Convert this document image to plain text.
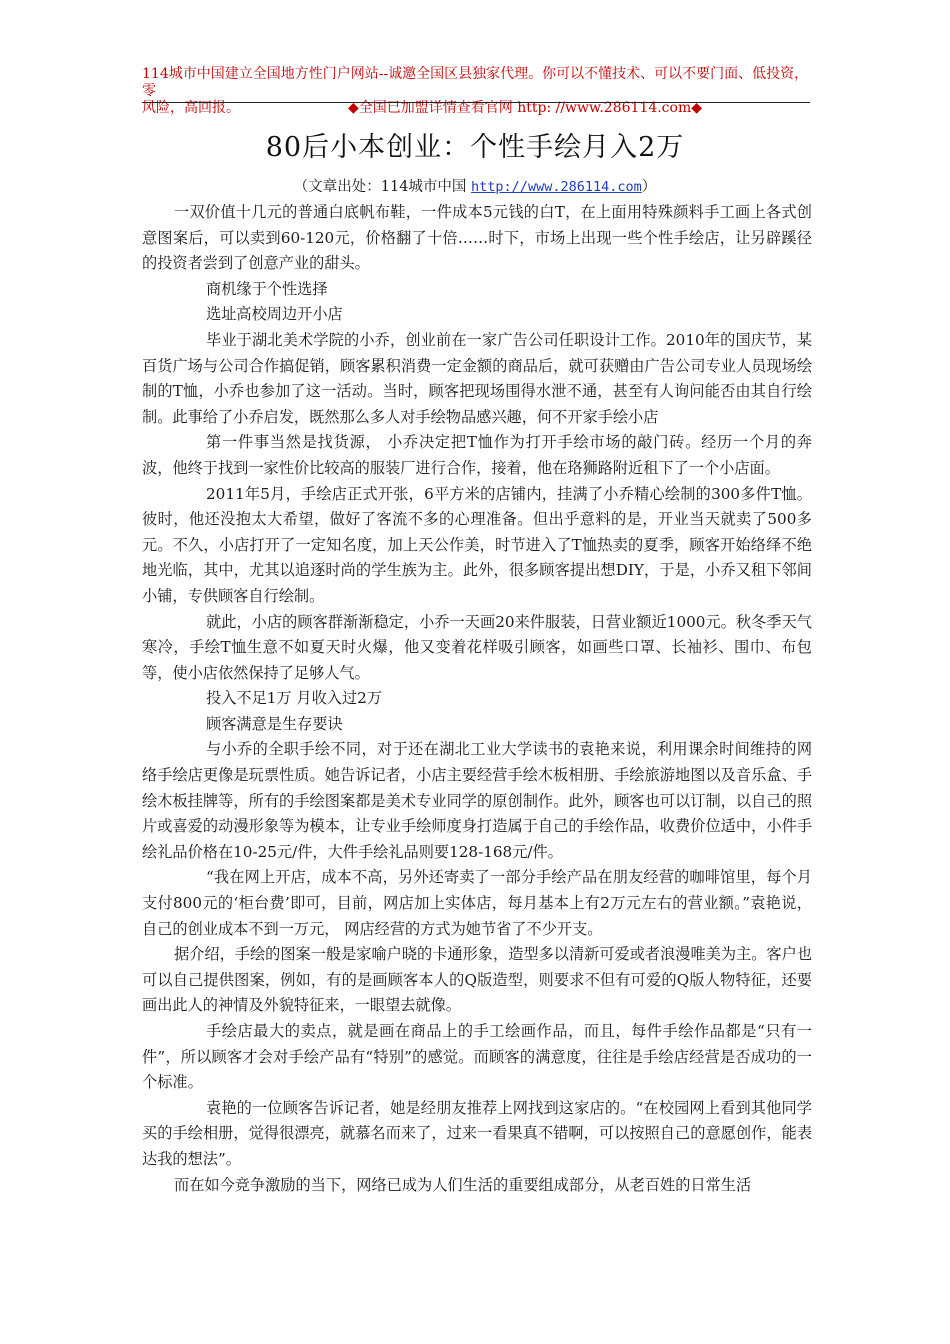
114城市中国建立全国地方性门户网站--诚邀全国区县独家代理。你可以不懂技术、可以不要门面、低投资，零
风险，高回报。	◆全国已加盟详情查看官网 http: //www.286114.com◆
80后小本创业：个性手绘月入2万
（文章出处：114城市中国 http://www.286114.com）

一双价值十几元的普通白底帆布鞋，一件成本5元钱的白T，在上面用特殊颜料手工画上各式创意图案后，可以卖到60-120元，价格翻了十倍……时下，市场上出现一些个性手绘店，让另辟蹊径的投资者尝到了创意产业的甜头。

商机缘于个性选择

选址高校周边开小店

毕业于湖北美术学院的小乔，创业前在一家广告公司任职设计工作。2010年的国庆节，某百货广场与公司合作搞促销，顾客累积消费一定金额的商品后，就可获赠由广告公司专业人员现场绘制的T恤，小乔也参加了这一活动。当时，顾客把现场围得水泄不通，甚至有人询问能否由其自行绘制。此事给了小乔启发，既然那么多人对手绘物品感兴趣，何不开家手绘小店

第一件事当然是找货源， 小乔决定把T恤作为打开手绘市场的敲门砖。经历一个月的奔波，他终于找到一家性价比较高的服装厂进行合作，接着，他在珞狮路附近租下了一个小店面。

2011年5月，手绘店正式开张，6平方米的店铺内，挂满了小乔精心绘制的300多件T恤。彼时，他还没抱太大希望，做好了客流不多的心理准备。但出乎意料的是，开业当天就卖了500多元。不久，小店打开了一定知名度，加上天公作美，时节进入了T恤热卖的夏季，顾客开始络绎不绝地光临，其中，尤其以追逐时尚的学生族为主。此外，很多顾客提出想DIY，于是，小乔又租下邻间小铺，专供顾客自行绘制。

就此，小店的顾客群渐渐稳定，小乔一天画20来件服装，日营业额近1000元。秋冬季天气寒冷，手绘T恤生意不如夏天时火爆，他又变着花样吸引顾客，如画些口罩、长袖衫、围巾、布包等，使小店依然保持了足够人气。

投入不足1万 月收入过2万

顾客满意是生存要诀

与小乔的全职手绘不同，对于还在湖北工业大学读书的袁艳来说，利用课余时间维持的网络手绘店更像是玩票性质。她告诉记者，小店主要经营手绘木板相册、手绘旅游地图以及音乐盒、手绘木板挂牌等，所有的手绘图案都是美术专业同学的原创制作。此外，顾客也可以订制，以自己的照片或喜爱的动漫形象等为模本，让专业手绘师度身打造属于自己的手绘作品，收费价位适中，小件手绘礼品价格在10-25元/件，大件手绘礼品则要128-168元/件。

“我在网上开店，成本不高，另外还寄卖了一部分手绘产品在朋友经营的咖啡馆里，每个月支付800元的‘柜台费’即可，目前，网店加上实体店，每月基本上有2万元左右的营业额。”袁艳说，自己的创业成本不到一万元， 网店经营的方式为她节省了不少开支。

据介绍，手绘的图案一般是家喻户晓的卡通形象，造型多以清新可爱或者浪漫唯美为主。客户也可以自己提供图案，例如，有的是画顾客本人的Q版造型，则要求不但有可爱的Q版人物特征，还要画出此人的神情及外貌特征来，一眼望去就像。

手绘店最大的卖点，就是画在商品上的手工绘画作品，而且，每件手绘作品都是“只有一件”，所以顾客才会对手绘产品有“特别”的感觉。而顾客的满意度，往往是手绘店经营是否成功的一个标准。

袁艳的一位顾客告诉记者，她是经朋友推荐上网找到这家店的。“在校园网上看到其他同学买的手绘相册，觉得很漂亮，就慕名而来了，过来一看果真不错啊，可以按照自己的意愿创作，能表达我的想法”。

而在如今竞争激励的当下，网络已成为人们生活的重要组成部分，从老百姓的日常生活
